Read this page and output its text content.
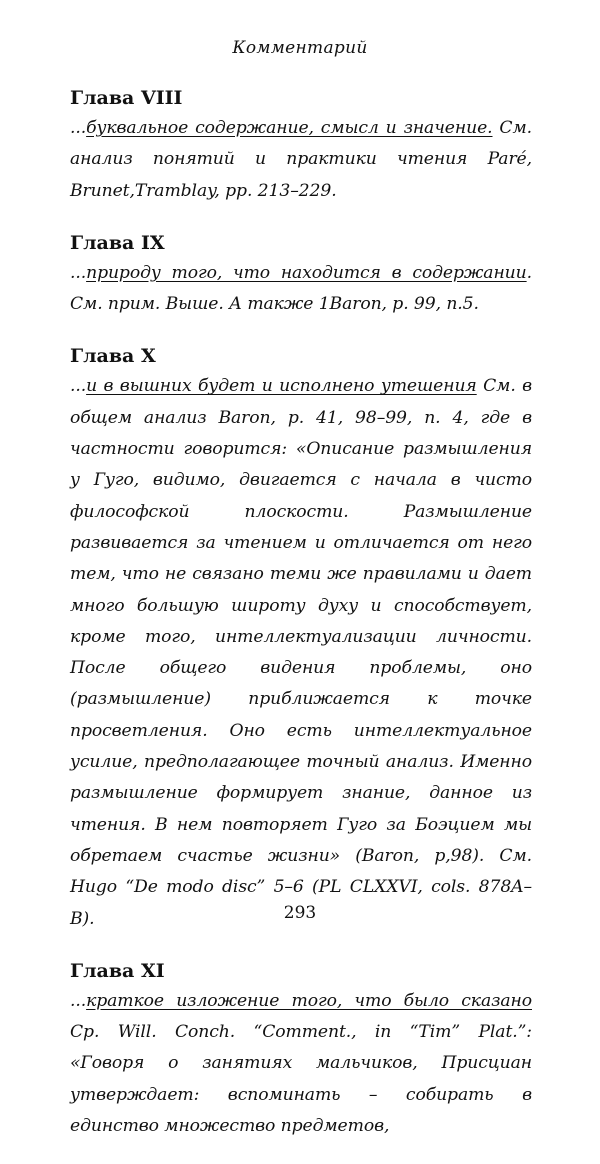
Комментарий
Глава VIII
...буквальное содержание, смысл и значение. См. анализ понятий и практики чтения Paré, Brunet,Tramblay, pp. 213–229.
Глава IX
...природу того, что находится в содержании. См. прим. Выше. А также 1Baron, p. 99, n.5.
Глава X
...и в вышних будет и исполнено утешения См. в общем анализ Baron, p. 41, 98–99, n. 4, где в частности говорится: «Описание размышления у Гуго, видимо, двигается с начала в чисто философской плоскости. Размышление развивается за чтением и отличается от него тем, что не связано теми же правилами и дает много большую широту духу и способствует, кроме того, интеллектуализации личности. После общего видения проблемы, оно (размышление) приближается к точке просветления. Оно есть интеллектуальное усилие, предполагающее точный анализ. Именно размышление формирует знание, данное из чтения. В нем повторяет Гуго за Боэцием мы обретаем счастье жизни» (Baron, p,98). См. Hugo “De modo disc” 5–6 (PL CLXXVI, cols. 878A–B).
Глава XI
...краткое изложение того, что было сказано Cp. Will. Conch. “Comment., in “Tim” Plat.”: «Говоря о занятиях мальчиков, Присциан утверждает: вспоминать – собирать в единство множество предметов,
293
